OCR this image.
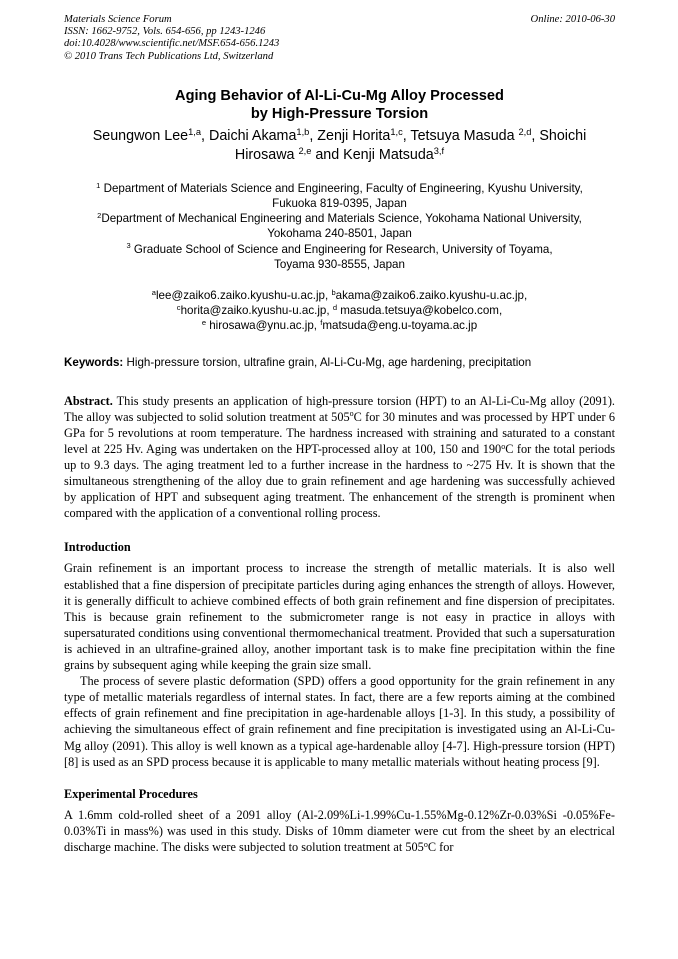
Materials Science Forum
ISSN: 1662-9752, Vols. 654-656, pp 1243-1246
doi:10.4028/www.scientific.net/MSF.654-656.1243
© 2010 Trans Tech Publications Ltd, Switzerland
Online: 2010-06-30
Aging Behavior of Al-Li-Cu-Mg Alloy Processed
by High-Pressure Torsion
Seungwon Lee$^{1,a}$, Daichi Akama$^{1,b}$, Zenji Horita$^{1,c}$, Tetsuya Masuda $^{2,d}$, Shoichi Hirosawa $^{2,e}$ and Kenji Matsuda$^{3,f}$
$^1$ Department of Materials Science and Engineering, Faculty of Engineering, Kyushu University,
Fukuoka 819-0395, Japan
$^2$Department of Mechanical Engineering and Materials Science, Yokohama National University,
Yokohama 240-8501, Japan
$^3$ Graduate School of Science and Engineering for Research, University of Toyama,
Toyama 930-8555, Japan
$^a$lee@zaiko6.zaiko.kyushu-u.ac.jp, $^b$akama@zaiko6.zaiko.kyushu-u.ac.jp,
$^c$horita@zaiko.kyushu-u.ac.jp, $^d$ masuda.tetsuya@kobelco.com,
$^e$ hirosawa@ynu.ac.jp, $^f$matsuda@eng.u-toyama.ac.jp
Keywords: High-pressure torsion, ultrafine grain, Al-Li-Cu-Mg, age hardening, precipitation
Abstract. This study presents an application of high-pressure torsion (HPT) to an Al-Li-Cu-Mg alloy (2091). The alloy was subjected to solid solution treatment at 505$^o$C for 30 minutes and was processed by HPT under 6 GPa for 5 revolutions at room temperature. The hardness increased with straining and saturated to a constant level at 225 Hv. Aging was undertaken on the HPT-processed alloy at 100, 150 and 190$^o$C for the total periods up to 9.3 days. The aging treatment led to a further increase in the hardness to ~275 Hv. It is shown that the simultaneous strengthening of the alloy due to grain refinement and age hardening was successfully achieved by application of HPT and subsequent aging treatment. The enhancement of the strength is prominent when compared with the application of a conventional rolling process.
Introduction
Grain refinement is an important process to increase the strength of metallic materials. It is also well established that a fine dispersion of precipitate particles during aging enhances the strength of alloys. However, it is generally difficult to achieve combined effects of both grain refinement and fine dispersion of precipitates. This is because grain refinement to the submicrometer range is not easy in practice in alloys with supersaturated conditions using conventional thermomechanical treatment. Provided that such a supersaturation is achieved in an ultrafine-grained alloy, another important task is to make fine precipitation within the fine grains by subsequent aging while keeping the grain size small.
The process of severe plastic deformation (SPD) offers a good opportunity for the grain refinement in any type of metallic materials regardless of internal states. In fact, there are a few reports aiming at the combined effects of grain refinement and fine precipitation in age-hardenable alloys [1-3]. In this study, a possibility of achieving the simultaneous effect of grain refinement and fine precipitation is investigated using an Al-Li-Cu-Mg alloy (2091). This alloy is well known as a typical age-hardenable alloy [4-7]. High-pressure torsion (HPT) [8] is used as an SPD process because it is applicable to many metallic materials without heating process [9].
Experimental Procedures
A 1.6mm cold-rolled sheet of a 2091 alloy (Al-2.09%Li-1.99%Cu-1.55%Mg-0.12%Zr-0.03%Si -0.05%Fe-0.03%Ti in mass%) was used in this study. Disks of 10mm diameter were cut from the sheet by an electrical discharge machine. The disks were subjected to solution treatment at 505$^o$C for
